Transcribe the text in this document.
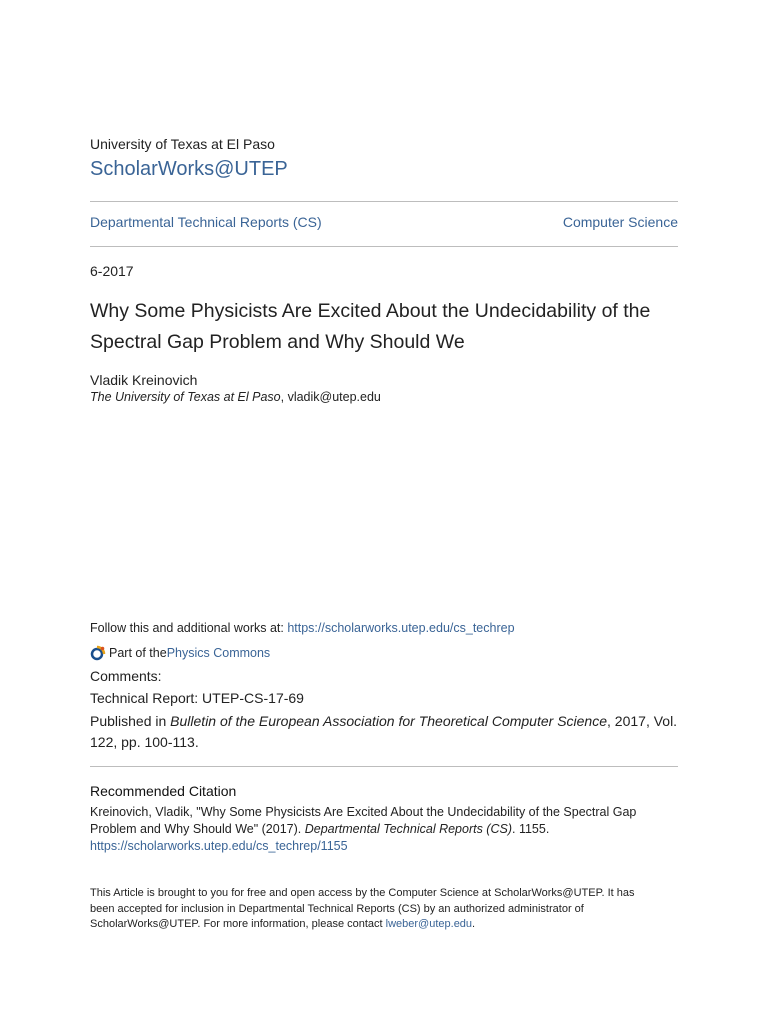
University of Texas at El Paso
ScholarWorks@UTEP
Departmental Technical Reports (CS)	Computer Science
6-2017
Why Some Physicists Are Excited About the Undecidability of the Spectral Gap Problem and Why Should We
Vladik Kreinovich
The University of Texas at El Paso, vladik@utep.edu
Follow this and additional works at: https://scholarworks.utep.edu/cs_techrep
Part of the Physics Commons
Comments:
Technical Report: UTEP-CS-17-69
Published in Bulletin of the European Association for Theoretical Computer Science, 2017, Vol. 122, pp. 100-113.
Recommended Citation
Kreinovich, Vladik, "Why Some Physicists Are Excited About the Undecidability of the Spectral Gap Problem and Why Should We" (2017). Departmental Technical Reports (CS). 1155.
https://scholarworks.utep.edu/cs_techrep/1155
This Article is brought to you for free and open access by the Computer Science at ScholarWorks@UTEP. It has been accepted for inclusion in Departmental Technical Reports (CS) by an authorized administrator of ScholarWorks@UTEP. For more information, please contact lweber@utep.edu.
